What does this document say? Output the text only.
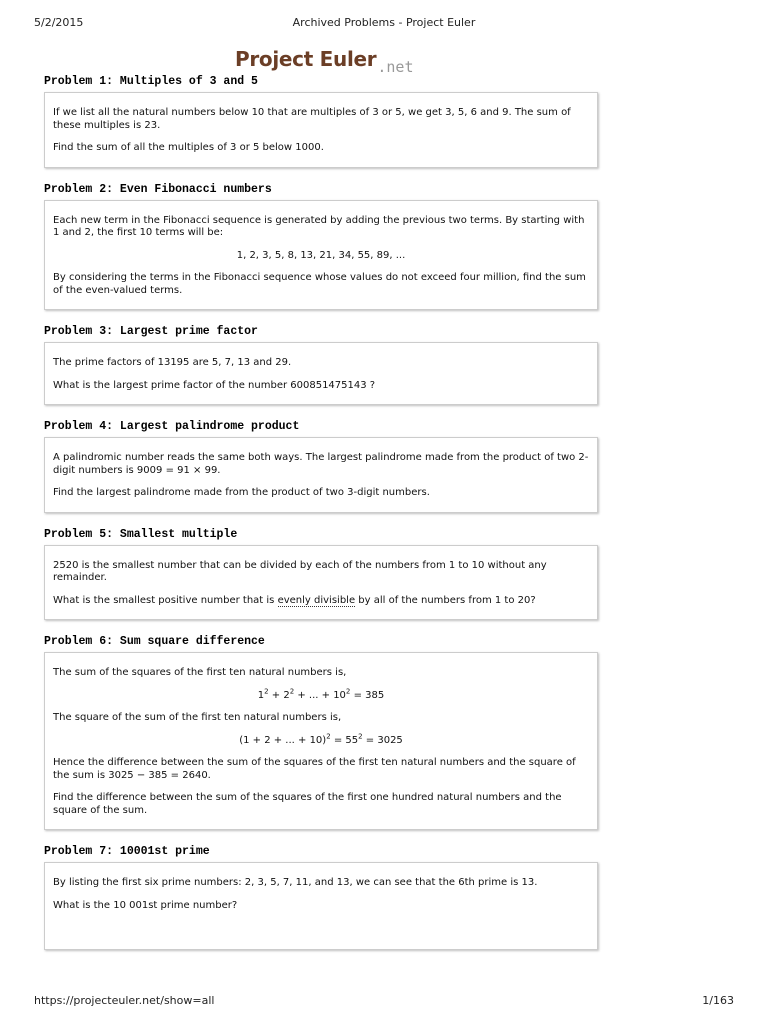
5/2/2015	Archived Problems - Project Euler
Project Euler.net
Problem 1: Multiples of 3 and 5

If we list all the natural numbers below 10 that are multiples of 3 or 5, we get 3, 5, 6 and 9. The sum of these multiples is 23.

Find the sum of all the multiples of 3 or 5 below 1000.

Problem 2: Even Fibonacci numbers

Each new term in the Fibonacci sequence is generated by adding the previous two terms. By starting with 1 and 2, the first 10 terms will be:

1, 2, 3, 5, 8, 13, 21, 34, 55, 89, ...

By considering the terms in the Fibonacci sequence whose values do not exceed four million, find the sum of the even-valued terms.

Problem 3: Largest prime factor

The prime factors of 13195 are 5, 7, 13 and 29.

What is the largest prime factor of the number 600851475143 ?

Problem 4: Largest palindrome product

A palindromic number reads the same both ways. The largest palindrome made from the product of two 2-digit numbers is 9009 = 91 × 99.

Find the largest palindrome made from the product of two 3-digit numbers.

Problem 5: Smallest multiple

2520 is the smallest number that can be divided by each of the numbers from 1 to 10 without any remainder.

What is the smallest positive number that is evenly divisible by all of the numbers from 1 to 20?

Problem 6: Sum square difference

The sum of the squares of the first ten natural numbers is,

$1^2 + 2^2$ + ... + $10^2 = 385$

The square of the sum of the first ten natural numbers is,

(1 + 2 + ... + $10)^2 = 55^2 = 3025$

Hence the difference between the sum of the squares of the first ten natural numbers and the square of the sum is 3025 − 385 = 2640.

Find the difference between the sum of the squares of the first one hundred natural numbers and the square of the sum.

Problem 7: 10001st prime

By listing the first six prime numbers: 2, 3, 5, 7, 11, and 13, we can see that the 6th prime is 13.

What is the 10 001st prime number?

https://projecteuler.net/show=all	1/163
